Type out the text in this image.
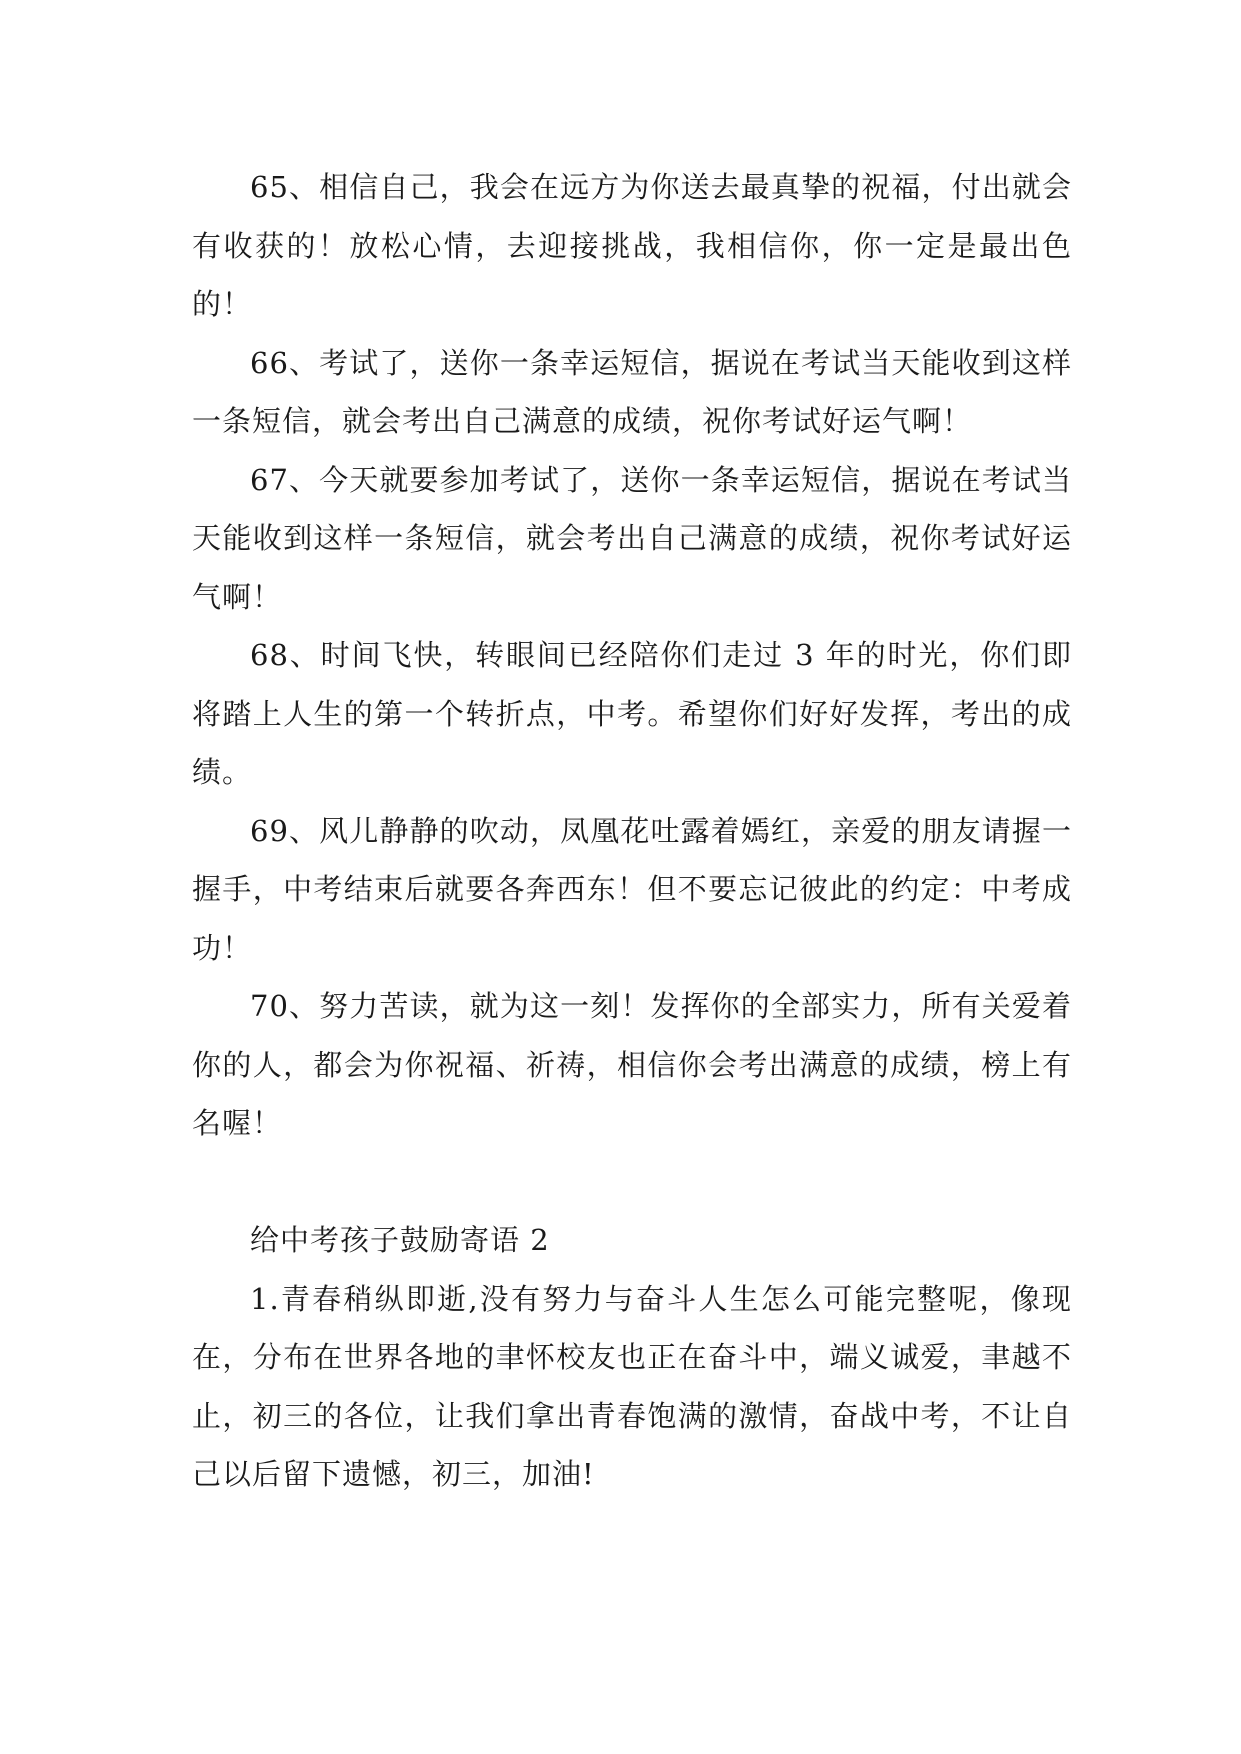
65、相信自己，我会在远方为你送去最真挚的祝福，付出就会有收获的！放松心情，去迎接挑战，我相信你，你一定是最出色的！

66、考试了，送你一条幸运短信，据说在考试当天能收到这样一条短信，就会考出自己满意的成绩，祝你考试好运气啊！

67、今天就要参加考试了，送你一条幸运短信，据说在考试当天能收到这样一条短信，就会考出自己满意的成绩，祝你考试好运气啊！

68、时间飞快，转眼间已经陪你们走过 3 年的时光，你们即将踏上人生的第一个转折点，中考。希望你们好好发挥，考出的成绩。

69、风儿静静的吹动，凤凰花吐露着嫣红，亲爱的朋友请握一握手，中考结束后就要各奔西东！但不要忘记彼此的约定：中考成功！

70、努力苦读，就为这一刻！发挥你的全部实力，所有关爱着你的人，都会为你祝福、祈祷，相信你会考出满意的成绩，榜上有名喔！

给中考孩子鼓励寄语 2

1.青春稍纵即逝,没有努力与奋斗人生怎么可能完整呢，像现在，分布在世界各地的聿怀校友也正在奋斗中，端义诚爱，聿越不止，初三的各位，让我们拿出青春饱满的激情，奋战中考，不让自己以后留下遗憾，初三，加油!
